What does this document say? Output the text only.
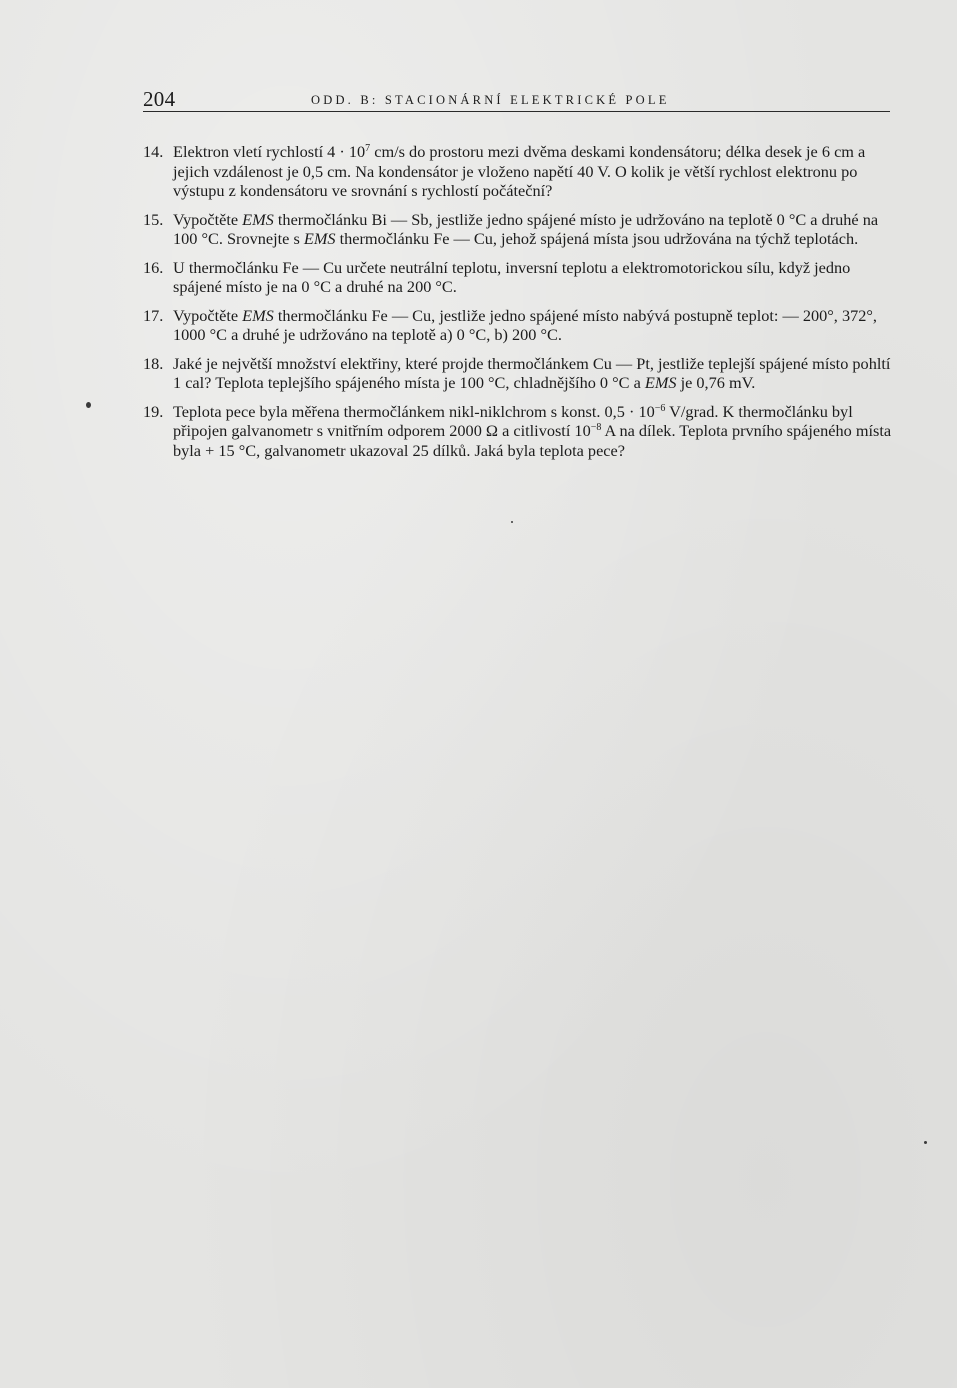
204	ODD. B: STACIONÁRNÍ ELEKTRICKÉ POLE
14. Elektron vletí rychlostí $4 \cdot 10^7$ cm/s do prostoru mezi dvěma deskami kondensátoru; délka desek je 6 cm a jejich vzdálenost je 0,5 cm. Na kondensátor je vloženo napětí 40 V. O kolik je větší rychlost elektronu po výstupu z kondensátoru ve srovnání s rychlostí počáteční?
15. Vypočtěte EMS thermočlánku Bi — Sb, jestliže jedno spájené místo je udržováno na teplotě 0 °C a druhé na 100 °C. Srovnejte s EMS thermočlánku Fe — Cu, jehož spájená místa jsou udržována na týchž teplotách.
16. U thermočlánku Fe — Cu určete neutrální teplotu, inversní teplotu a elektromotorickou sílu, když jedno spájené místo je na 0 °C a druhé na 200 °C.
17. Vypočtěte EMS thermočlánku Fe — Cu, jestliže jedno spájené místo nabývá postupně teplot: — 200°, 372°, 1000 °C a druhé je udržováno na teplotě a) 0 °C, b) 200 °C.
18. Jaké je největší množství elektřiny, které projde thermočlánkem Cu — Pt, jestliže teplejší spájené místo pohltí 1 cal? Teplota teplejšího spájeného místa je 100 °C, chladnějšího 0 °C a EMS je 0,76 mV.
19. Teplota pece byla měřena thermočlánkem nikl-niklchrom s konst. $0,5 \cdot 10^{-6}$ V/grad. K thermočlánku byl připojen galvanometr s vnitřním odporem 2000 Ω a citlivostí $10^{-8}$ A na dílek. Teplota prvního spájeného místa byla + 15 °C, galvanometr ukazoval 25 dílků. Jaká byla teplota pece?
